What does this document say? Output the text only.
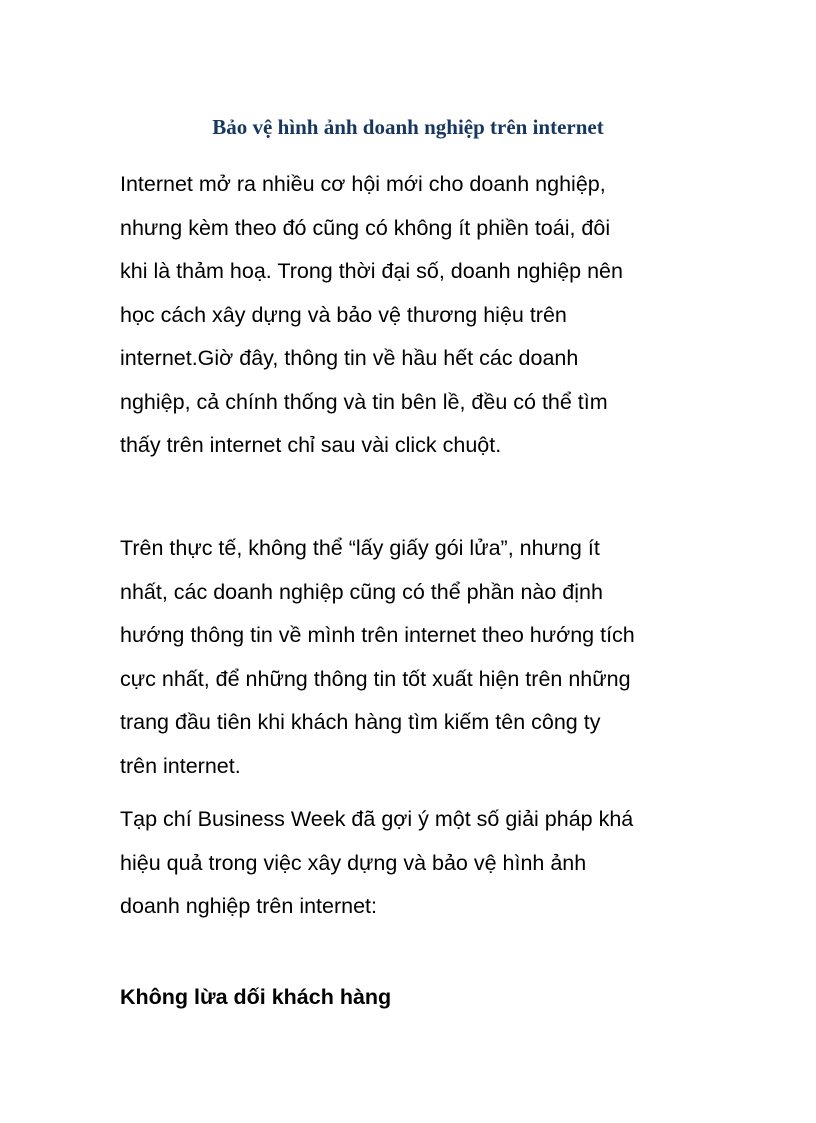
Bảo vệ hình ảnh doanh nghiệp trên internet
Internet mở ra nhiều cơ hội mới cho doanh nghiệp,
nhưng kèm theo đó cũng có không ít phiền toái, đôi
khi là thảm hoạ. Trong thời đại số, doanh nghiệp nên
học cách xây dựng và bảo vệ thương hiệu trên
internet.Giờ đây, thông tin về hầu hết các doanh
nghiệp, cả chính thống và tin bên lề, đều có thể tìm
thấy trên internet chỉ sau vài click chuột.
Trên thực tế, không thể “lấy giấy gói lửa”, nhưng ít
nhất, các doanh nghiệp cũng có thể phần nào định
hướng thông tin về mình trên internet theo hướng tích
cực nhất, để những thông tin tốt xuất hiện trên những
trang đầu tiên khi khách hàng tìm kiếm tên công ty
trên internet.
Tạp chí Business Week đã gợi ý một số giải pháp khá
hiệu quả trong việc xây dựng và bảo vệ hình ảnh
doanh nghiệp trên internet:
Không lừa dối khách hàng
